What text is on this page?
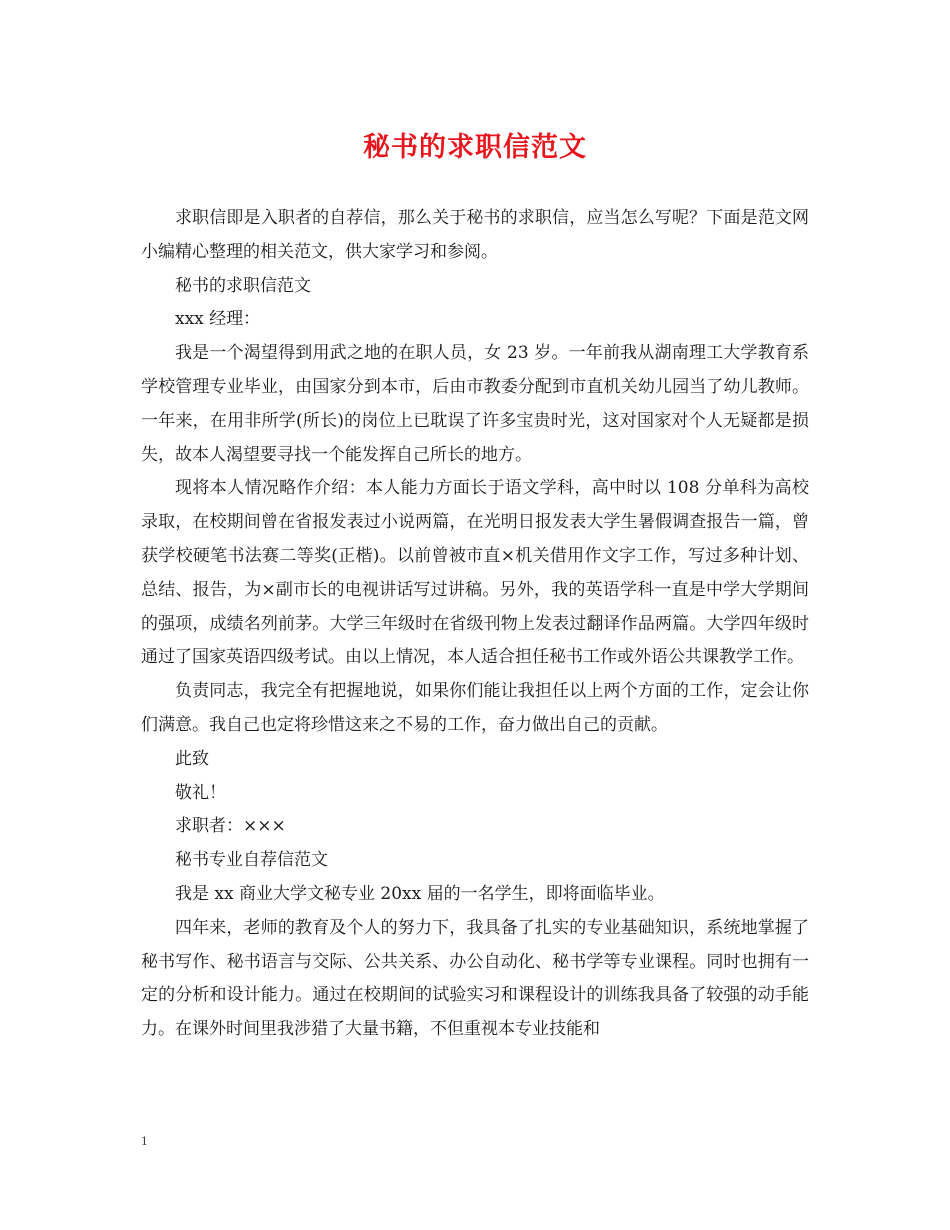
秘书的求职信范文

求职信即是入职者的自荐信，那么关于秘书的求职信，应当怎么写呢？下面是范文网小编精心整理的相关范文，供大家学习和参阅。

秘书的求职信范文

xxx 经理：

我是一个渴望得到用武之地的在职人员，女 23 岁。一年前我从湖南理工大学教育系学校管理专业毕业，由国家分到本市，后由市教委分配到市直机关幼儿园当了幼儿教师。一年来，在用非所学(所长)的岗位上已耽误了许多宝贵时光，这对国家对个人无疑都是损失，故本人渴望要寻找一个能发挥自己所长的地方。

现将本人情况略作介绍：本人能力方面长于语文学科，高中时以 108 分单科为高校录取，在校期间曾在省报发表过小说两篇，在光明日报发表大学生暑假调查报告一篇，曾获学校硬笔书法赛二等奖(正楷)。以前曾被市直×机关借用作文字工作，写过多种计划、总结、报告，为×副市长的电视讲话写过讲稿。另外，我的英语学科一直是中学大学期间的强项，成绩名列前茅。大学三年级时在省级刊物上发表过翻译作品两篇。大学四年级时通过了国家英语四级考试。由以上情况，本人适合担任秘书工作或外语公共课教学工作。

负责同志，我完全有把握地说，如果你们能让我担任以上两个方面的工作，定会让你们满意。我自己也定将珍惜这来之不易的工作，奋力做出自己的贡献。

此致

敬礼！

求职者：×××

秘书专业自荐信范文

我是 xx 商业大学文秘专业 20xx 届的一名学生，即将面临毕业。

四年来，老师的教育及个人的努力下，我具备了扎实的专业基础知识，系统地掌握了秘书写作、秘书语言与交际、公共关系、办公自动化、秘书学等专业课程。同时也拥有一定的分析和设计能力。通过在校期间的试验实习和课程设计的训练我具备了较强的动手能力。在课外时间里我涉猎了大量书籍，不但重视本专业技能和

1
